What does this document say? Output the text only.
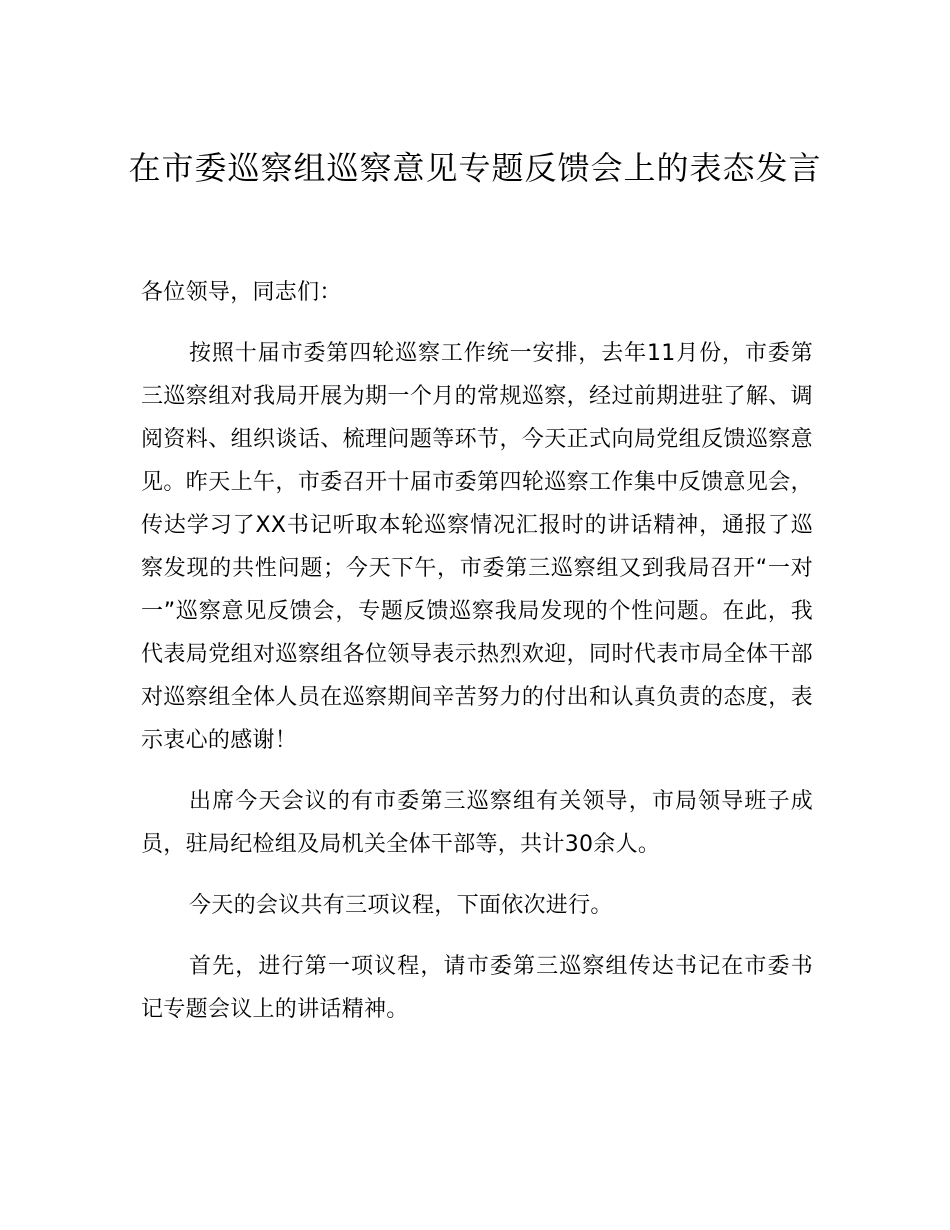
在市委巡察组巡察意见专题反馈会上的表态发言

各位领导，同志们：

按照十届市委第四轮巡察工作统一安排，去年11月份，市委第三巡察组对我局开展为期一个月的常规巡察，经过前期进驻了解、调阅资料、组织谈话、梳理问题等环节，今天正式向局党组反馈巡察意见。昨天上午，市委召开十届市委第四轮巡察工作集中反馈意见会，传达学习了XX书记听取本轮巡察情况汇报时的讲话精神，通报了巡察发现的共性问题；今天下午，市委第三巡察组又到我局召开“一对一”巡察意见反馈会，专题反馈巡察我局发现的个性问题。在此，我代表局党组对巡察组各位领导表示热烈欢迎，同时代表市局全体干部对巡察组全体人员在巡察期间辛苦努力的付出和认真负责的态度，表示衷心的感谢！

出席今天会议的有市委第三巡察组有关领导，市局领导班子成员，驻局纪检组及局机关全体干部等，共计30余人。

今天的会议共有三项议程，下面依次进行。

首先，进行第一项议程，请市委第三巡察组传达书记在市委书记专题会议上的讲话精神。
